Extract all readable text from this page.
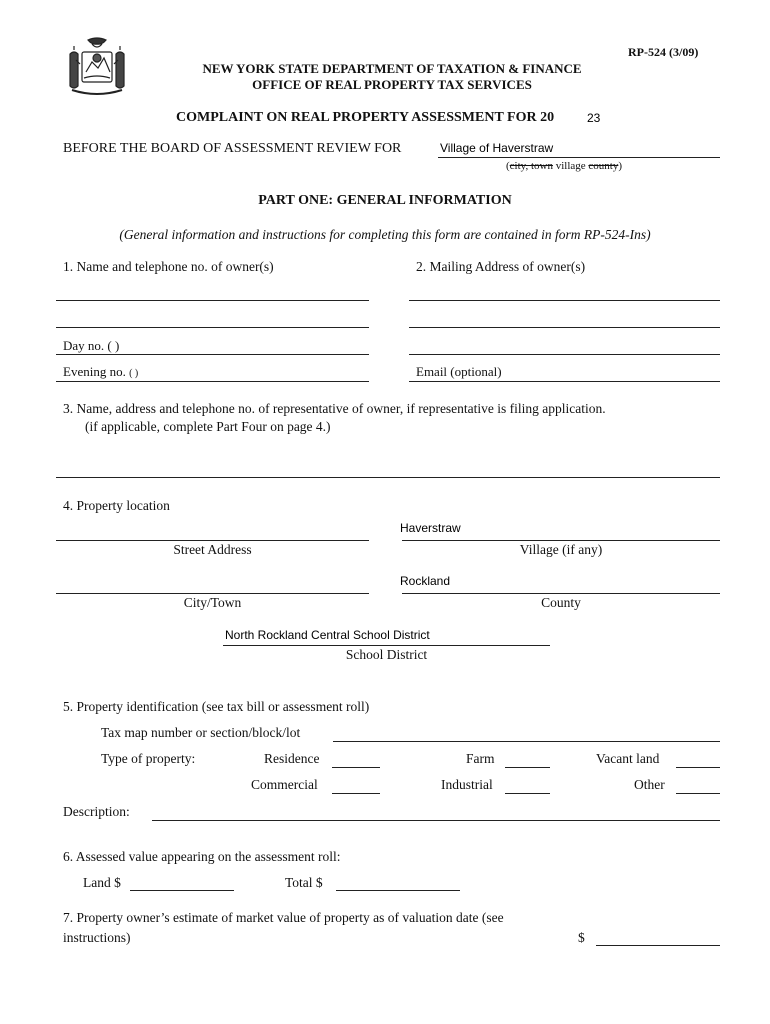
RP-524 (3/09)
NEW YORK STATE DEPARTMENT OF TAXATION & FINANCE
OFFICE OF REAL PROPERTY TAX SERVICES
COMPLAINT ON REAL PROPERTY ASSESSMENT FOR 20
23
BEFORE THE BOARD OF ASSESSMENT REVIEW FOR
Village of Haverstraw
(city, town village county)
PART ONE: GENERAL INFORMATION
(General information and instructions for completing this form are contained in form RP-524-Ins)
1. Name and telephone no. of owner(s)	2. Mailing Address of owner(s)
Day no. ( )
Evening no. ( )	Email (optional)
3. Name, address and telephone no. of representative of owner, if representative is filing application.
(if applicable, complete Part Four on page 4.)
4. Property location
Haverstraw
Street Address	Village (if any)
Rockland
City/Town	County
North Rockland Central School District
School District
5. Property identification (see tax bill or assessment roll)
Tax map number or section/block/lot
Type of property:	Residence	Farm	Vacant land
Commercial	Industrial	Other
Description:
6. Assessed value appearing on the assessment roll:
Land $	Total $
7. Property owner’s estimate of market value of property as of valuation date (see
instructions)	$
